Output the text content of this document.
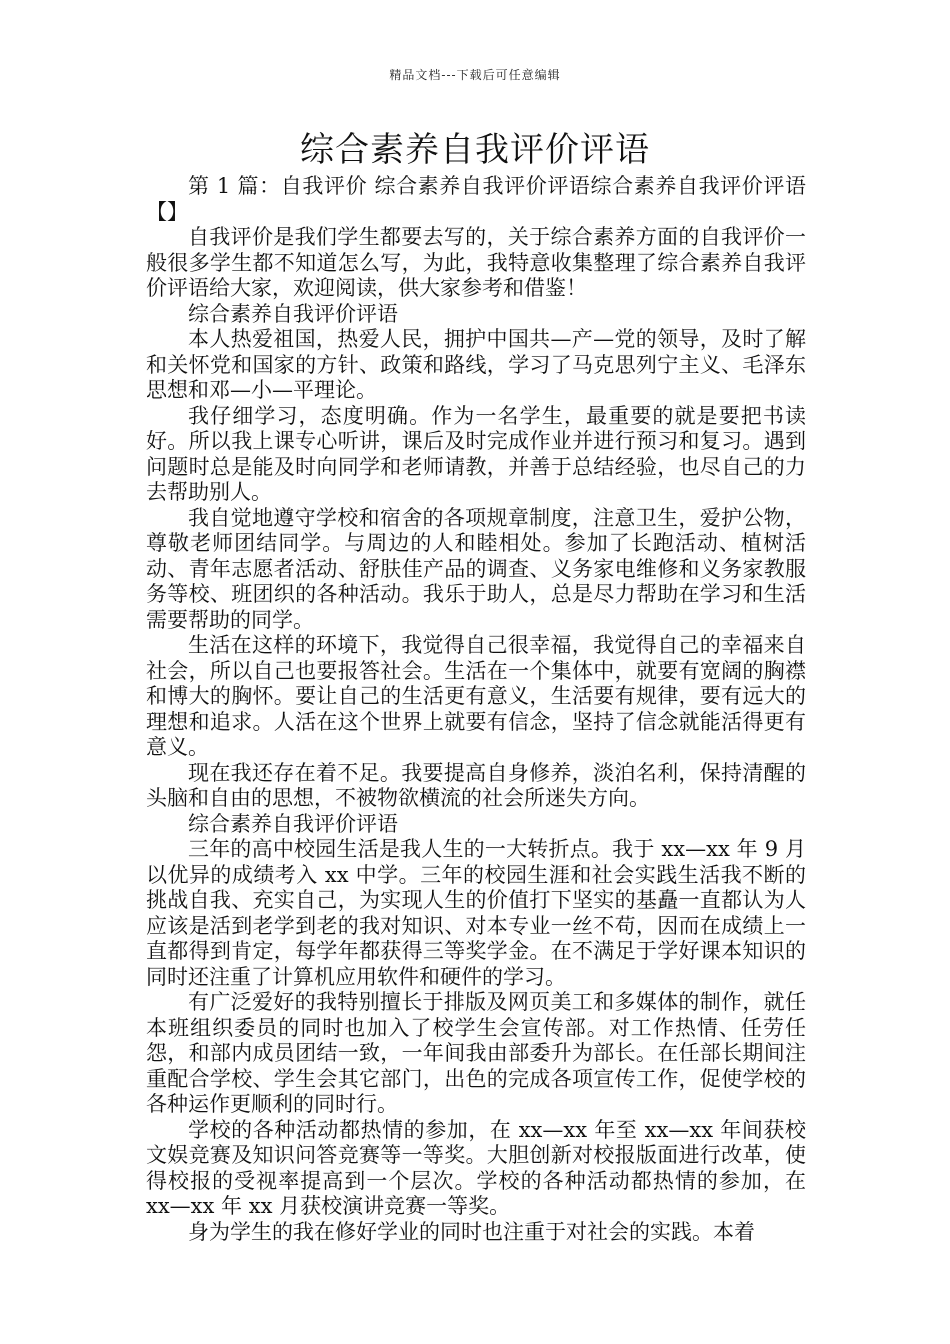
精品文档---下载后可任意编辑
综合素养自我评价评语

第 1 篇：自我评价 综合素养自我评价评语综合素养自我评价评语【】

自我评价是我们学生都要去写的，关于综合素养方面的自我评价一般很多学生都不知道怎么写，为此，我特意收集整理了综合素养自我评价评语给大家，欢迎阅读，供大家参考和借鉴！

综合素养自我评价评语

本人热爱祖国，热爱人民，拥护中国共—产—党的领导，及时了解和关怀党和国家的方针、政策和路线，学习了马克思列宁主义、毛泽东思想和邓—小—平理论。

我仔细学习，态度明确。作为一名学生，最重要的就是要把书读好。所以我上课专心听讲，课后及时完成作业并进行预习和复习。遇到问题时总是能及时向同学和老师请教，并善于总结经验，也尽自己的力去帮助别人。

我自觉地遵守学校和宿舍的各项规章制度，注意卫生，爱护公物，尊敬老师团结同学。与周边的人和睦相处。参加了长跑活动、植树活动、青年志愿者活动、舒肤佳产品的调查、义务家电维修和义务家教服务等校、班团织的各种活动。我乐于助人，总是尽力帮助在学习和生活需要帮助的同学。

生活在这样的环境下，我觉得自己很幸福，我觉得自己的幸福来自社会，所以自己也要报答社会。生活在一个集体中，就要有宽阔的胸襟和博大的胸怀。要让自己的生活更有意义，生活要有规律，要有远大的理想和追求。人活在这个世界上就要有信念，坚持了信念就能活得更有意义。

现在我还存在着不足。我要提高自身修养，淡泊名利，保持清醒的头脑和自由的思想，不被物欲横流的社会所迷失方向。

综合素养自我评价评语

三年的高中校园生活是我人生的一大转折点。我于 xx—xx 年 9 月以优异的成绩考入 xx 中学。三年的校园生涯和社会实践生活我不断的挑战自我、充实自己，为实现人生的价值打下坚实的基矗一直都认为人应该是活到老学到老的我对知识、对本专业一丝不苟，因而在成绩上一直都得到肯定，每学年都获得三等奖学金。在不满足于学好课本知识的同时还注重了计算机应用软件和硬件的学习。

有广泛爱好的我特别擅长于排版及网页美工和多媒体的制作，就任本班组织委员的同时也加入了校学生会宣传部。对工作热情、任劳任怨，和部内成员团结一致，一年间我由部委升为部长。在任部长期间注重配合学校、学生会其它部门，出色的完成各项宣传工作，促使学校的各种运作更顺利的同时行。

学校的各种活动都热情的参加，在 xx—xx 年至 xx—xx 年间获校文娱竞赛及知识问答竞赛等一等奖。大胆创新对校报版面进行改革，使得校报的受视率提高到一个层次。学校的各种活动都热情的参加，在 xx—xx 年 xx 月获校演讲竞赛一等奖。

身为学生的我在修好学业的同时也注重于对社会的实践。本着
